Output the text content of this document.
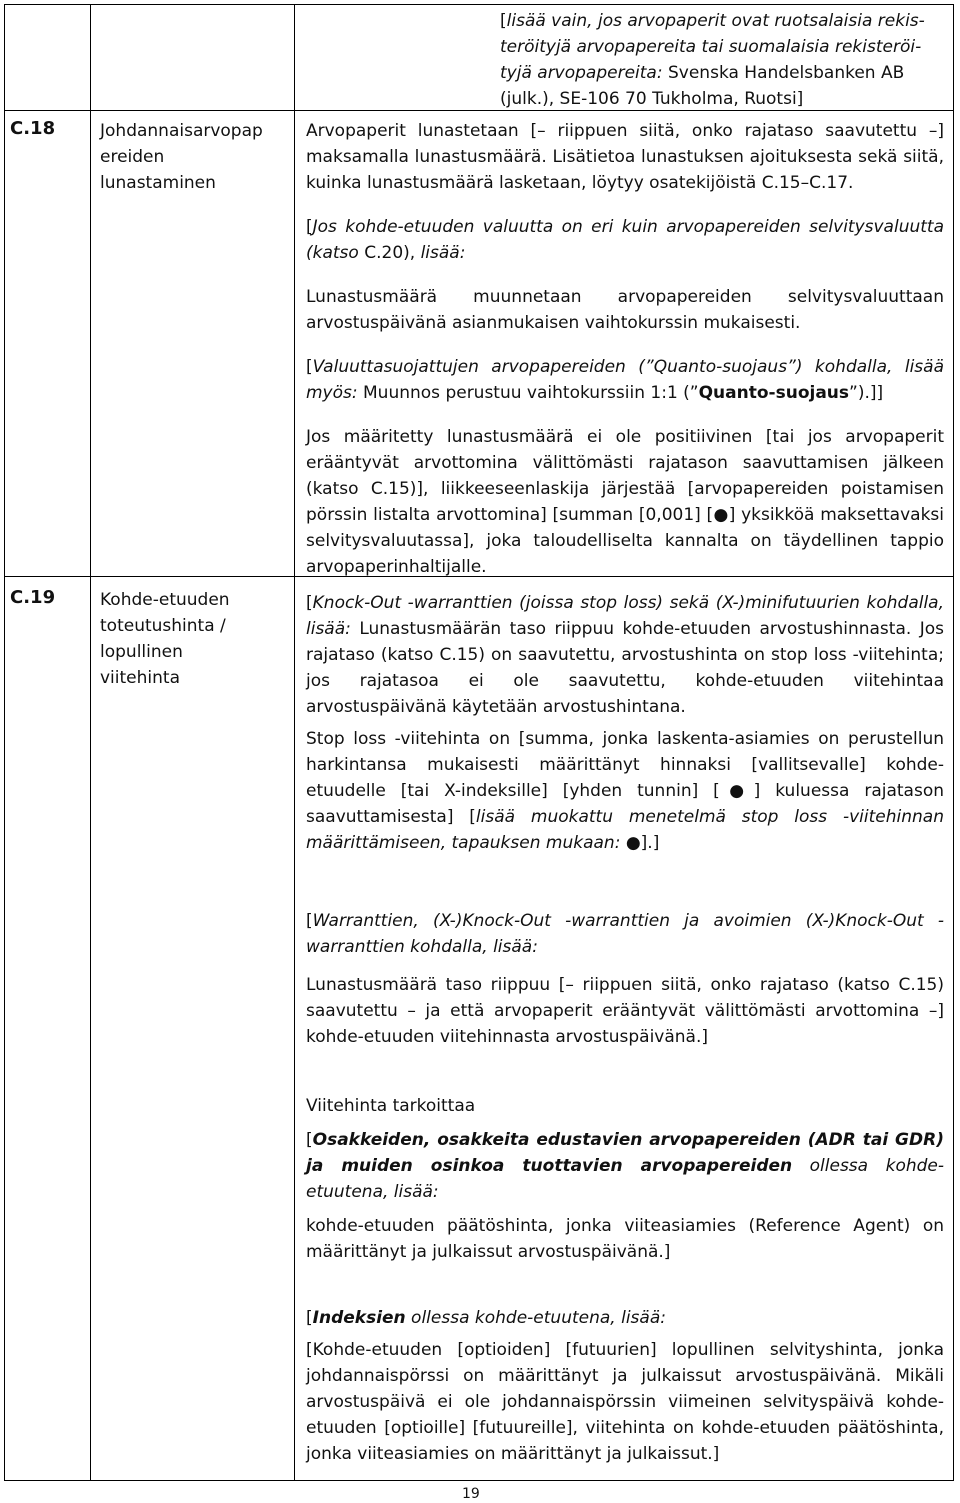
[lisää vain, jos arvopaperit ovat ruotsalaisia rekis-
teröityjä arvopapereita tai suomalaisia rekisteröi-
tyjä arvopapereita: Svenska Handelsbanken AB
(julk.), SE-106 70 Tukholma, Ruotsi]
C.18	Johdannaisarvopap
ereiden
lunastaminen

Arvopaperit lunastetaan [– riippuen siitä, onko rajataso saavutettu –] maksamalla lunastusmäärä. Lisätietoa lunastuksen ajoituksesta sekä siitä, kuinka lunastusmäärä lasketaan, löytyy osatekijöistä C.15–C.17.

[Jos kohde-etuuden valuutta on eri kuin arvopapereiden selvitysvaluutta (katso C.20), lisää:

Lunastusmäärä muunnetaan arvopapereiden selvitysvaluuttaan arvostuspäivänä asianmukaisen vaihtokurssin mukaisesti.

[Valuuttasuojattujen arvopapereiden (”Quanto-suojaus”) kohdalla, lisää myös: Muunnos perustuu vaihtokurssiin 1:1 (”Quanto-suojaus”).]]

Jos määritetty lunastusmäärä ei ole positiivinen [tai jos arvopaperit erääntyvät arvottomina välittömästi rajatason saavuttamisen jälkeen (katso C.15)], liikkeeseenlaskija järjestää [arvopapereiden poistamisen pörssin listalta arvottomina] [summan [0,001] [●] yksikköä maksettavaksi selvitysvaluutassa], joka taloudelliselta kannalta on täydellinen tappio arvopaperinhaltijalle.

C.19	Kohde-etuuden
toteutushinta /
lopullinen
viitehinta

[Knock-Out -warranttien (joissa stop loss) sekä (X-)minifutuurien kohdalla, lisää: Lunastusmäärän taso riippuu kohde-etuuden arvostushinnasta. Jos rajataso (katso C.15) on saavutettu, arvostushinta on stop loss -viitehinta; jos rajatasoa ei ole saavutettu, kohde-etuuden viitehintaa arvostuspäivänä käytetään arvostushintana.

Stop loss -viitehinta on [summa, jonka laskenta-asiamies on perustellun harkintansa mukaisesti määrittänyt hinnaksi [vallitsevalle] kohde-etuudelle [tai X-indeksille] [yhden tunnin] [●] kuluessa rajatason saavuttamisesta] [lisää muokattu menetelmä stop loss -viitehinnan määrittämiseen, tapauksen mukaan: ●].]

[Warranttien, (X-)Knock-Out -warranttien ja avoimien (X-)Knock-Out -warranttien kohdalla, lisää:

Lunastusmäärä taso riippuu [– riippuen siitä, onko rajataso (katso C.15) saavutettu – ja että arvopaperit erääntyvät välittömästi arvottomina –] kohde-etuuden viitehinnasta arvostuspäivänä.]

Viitehinta tarkoittaa

[Osakkeiden, osakkeita edustavien arvopapereiden (ADR tai GDR) ja muiden osinkoa tuottavien arvopapereiden ollessa kohde-etuutena, lisää:

kohde-etuuden päätöshinta, jonka viiteasiamies (Reference Agent) on määrittänyt ja julkaissut arvostuspäivänä.]

[Indeksien ollessa kohde-etuutena, lisää:

[Kohde-etuuden [optioiden] [futuurien] lopullinen selvityshinta, jonka johdannaispörssi on määrittänyt ja julkaissut arvostuspäivänä. Mikäli arvostuspäivä ei ole johdannaispörssin viimeinen selvityspäivä kohde-etuuden [optioille] [futuureille], viitehinta on kohde-etuuden päätöshinta, jonka viiteasiamies on määrittänyt ja julkaissut.]

19
